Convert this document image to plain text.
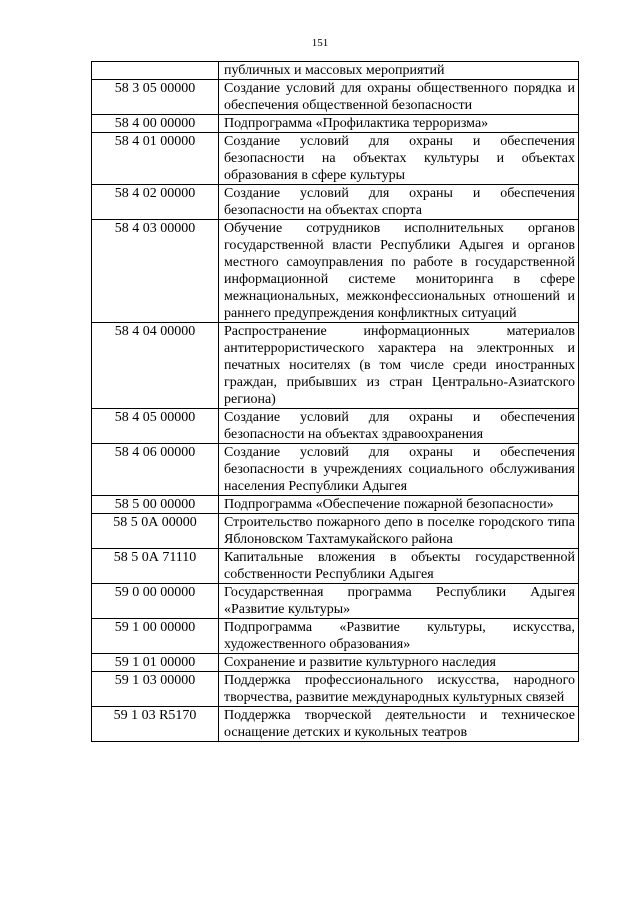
151
	публичных и массовых мероприятий
58 3 05 00000	Создание условий для охраны общественного порядка и обеспечения общественной безопасности
58 4 00 00000	Подпрограмма «Профилактика терроризма»
58 4 01 00000	Создание условий для охраны и обеспечения безопасности на объектах культуры и объектах образования в сфере культуры
58 4 02 00000	Создание условий для охраны и обеспечения безопасности на объектах спорта
58 4 03 00000	Обучение сотрудников исполнительных органов государственной власти Республики Адыгея и органов местного самоуправления по работе в государственной информационной системе мониторинга в сфере межнациональных, межконфессиональных отношений и раннего предупреждения конфликтных ситуаций
58 4 04 00000	Распространение информационных материалов антитеррористического характера на электронных и печатных носителях (в том числе среди иностранных граждан, прибывших из стран Центрально-Азиатского региона)
58 4 05 00000	Создание условий для охраны и обеспечения безопасности на объектах здравоохранения
58 4 06 00000	Создание условий для охраны и обеспечения безопасности в учреждениях социального обслуживания населения Республики Адыгея
58 5 00 00000	Подпрограмма «Обеспечение пожарной безопасности»
58 5 0А 00000	Строительство пожарного депо в поселке городского типа Яблоновском Тахтамукайского района
58 5 0А 71110	Капитальные вложения в объекты государственной собственности Республики Адыгея
59 0 00 00000	Государственная программа Республики Адыгея «Развитие культуры»
59 1 00 00000	Подпрограмма «Развитие культуры, искусства, художественного образования»
59 1 01 00000	Сохранение и развитие культурного наследия
59 1 03 00000	Поддержка профессионального искусства, народного творчества, развитие международных культурных связей
59 1 03 R5170	Поддержка творческой деятельности и техническое оснащение детских и кукольных театров
